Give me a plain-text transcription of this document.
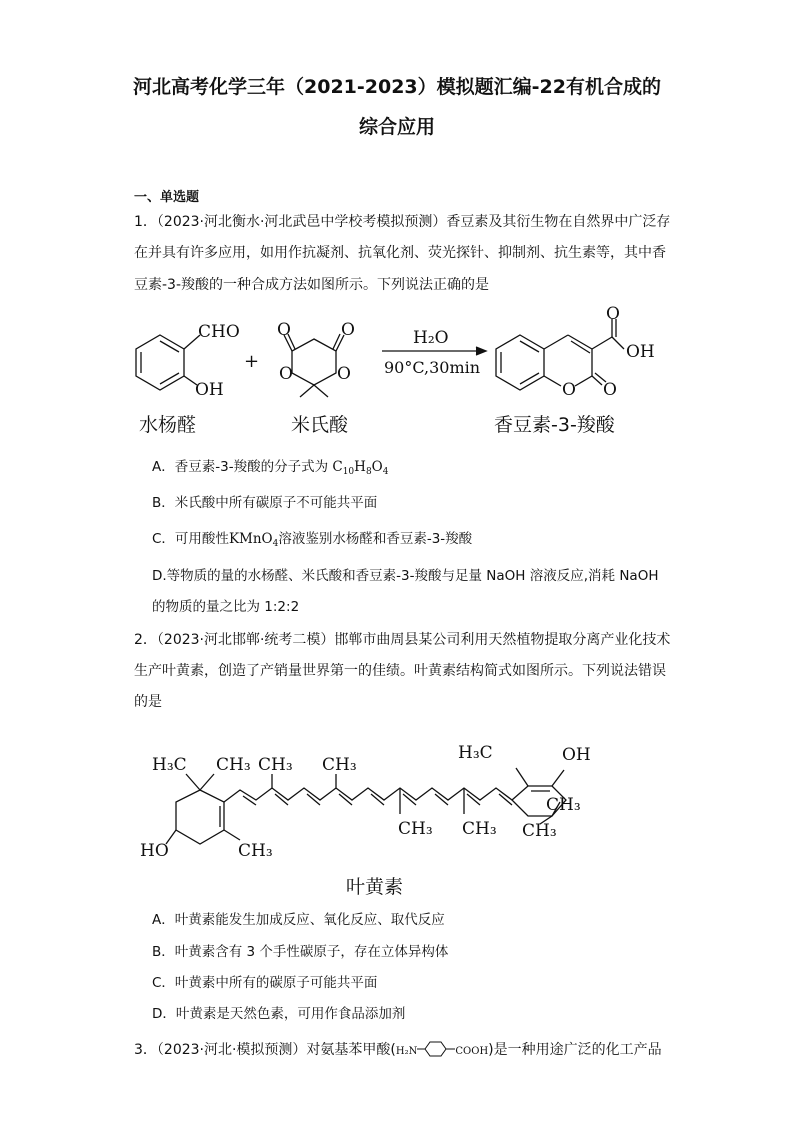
河北高考化学三年（2021-2023）模拟题汇编-22有机合成的
综合应用
一、单选题
1．（2023·河北衡水·河北武邑中学校考模拟预测）香豆素及其衍生物在自然界中广泛存
在并具有许多应用，如用作抗凝剂、抗氧化剂、荧光探针、抑制剂、抗生素等，其中香
豆素-3-羧酸的一种合成方法如图所示。下列说法正确的是
CHO
OH
+
O	O
O	O
H₂O
90°C,30min
O
OH
O O
水杨醛	米氏酸	香豆素-3-羧酸
A．香豆素-3-羧酸的分子式为 $C_{10}H_8O_4$
B．米氏酸中所有碳原子不可能共平面
C．可用酸性KMnO$_4$溶液鉴别水杨醛和香豆素-3-羧酸
D.等物质的量的水杨醛、米氏酸和香豆素-3-羧酸与足量 NaOH 溶液反应,消耗 NaOH
的物质的量之比为 1:2:2
2．（2023·河北邯郸·统考二模）邯郸市曲周县某公司利用天然植物提取分离产业化技术
生产叶黄素，创造了产销量世界第一的佳绩。叶黄素结构简式如图所示。下列说法错误
的是
H₃C CH₃ CH₃ CH₃
HO	CH₃
CH₃ CH₃
H₃C	OH
CH₃
CH₃
叶黄素
A．叶黄素能发生加成反应、氧化反应、取代反应
B．叶黄素含有 3 个手性碳原子，存在立体异构体
C．叶黄素中所有的碳原子可能共平面
D．叶黄素是天然色素，可用作食品添加剂
3．（2023·河北·模拟预测）对氨基苯甲酸(H₂N	COOH)是一种用途广泛的化工产品
